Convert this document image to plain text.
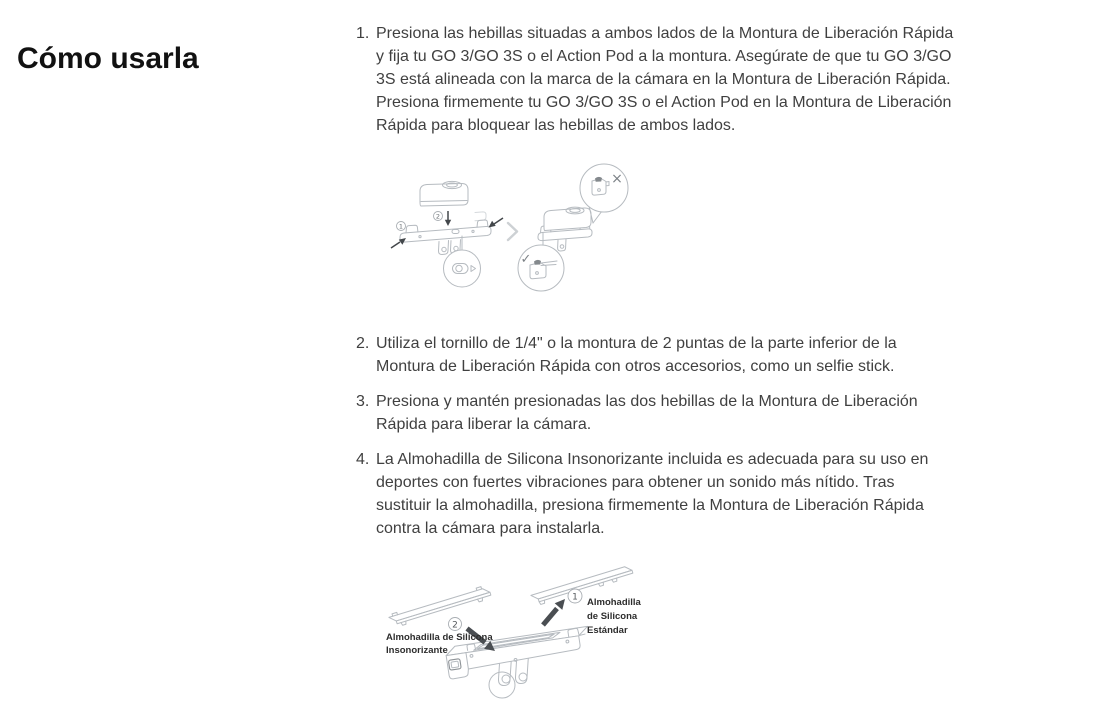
Cómo usarla
1. Presiona las hebillas situadas a ambos lados de la Montura de Liberación Rápida y fija tu GO 3/GO 3S o el Action Pod a la montura. Asegúrate de que tu GO 3/GO 3S está alineada con la marca de la cámara en la Montura de Liberación Rápida. Presiona firmemente tu GO 3/GO 3S o el Action Pod en la Montura de Liberación Rápida para bloquear las hebillas de ambos lados.
2
1
×
✓
2. Utiliza el tornillo de 1/4" o la montura de 2 puntas de la parte inferior de la Montura de Liberación Rápida con otros accesorios, como un selfie stick.
3. Presiona y mantén presionadas las dos hebillas de la Montura de Liberación Rápida para liberar la cámara.
4. La Almohadilla de Silicona Insonorizante incluida es adecuada para su uso en deportes con fuertes vibraciones para obtener un sonido más nítido. Tras sustituir la almohadilla, presiona firmemente la Montura de Liberación Rápida contra la cámara para instalarla.
1 Almohadilla
de Silicona
Estándar
2
Almohadilla de Silicona
Insonorizante
